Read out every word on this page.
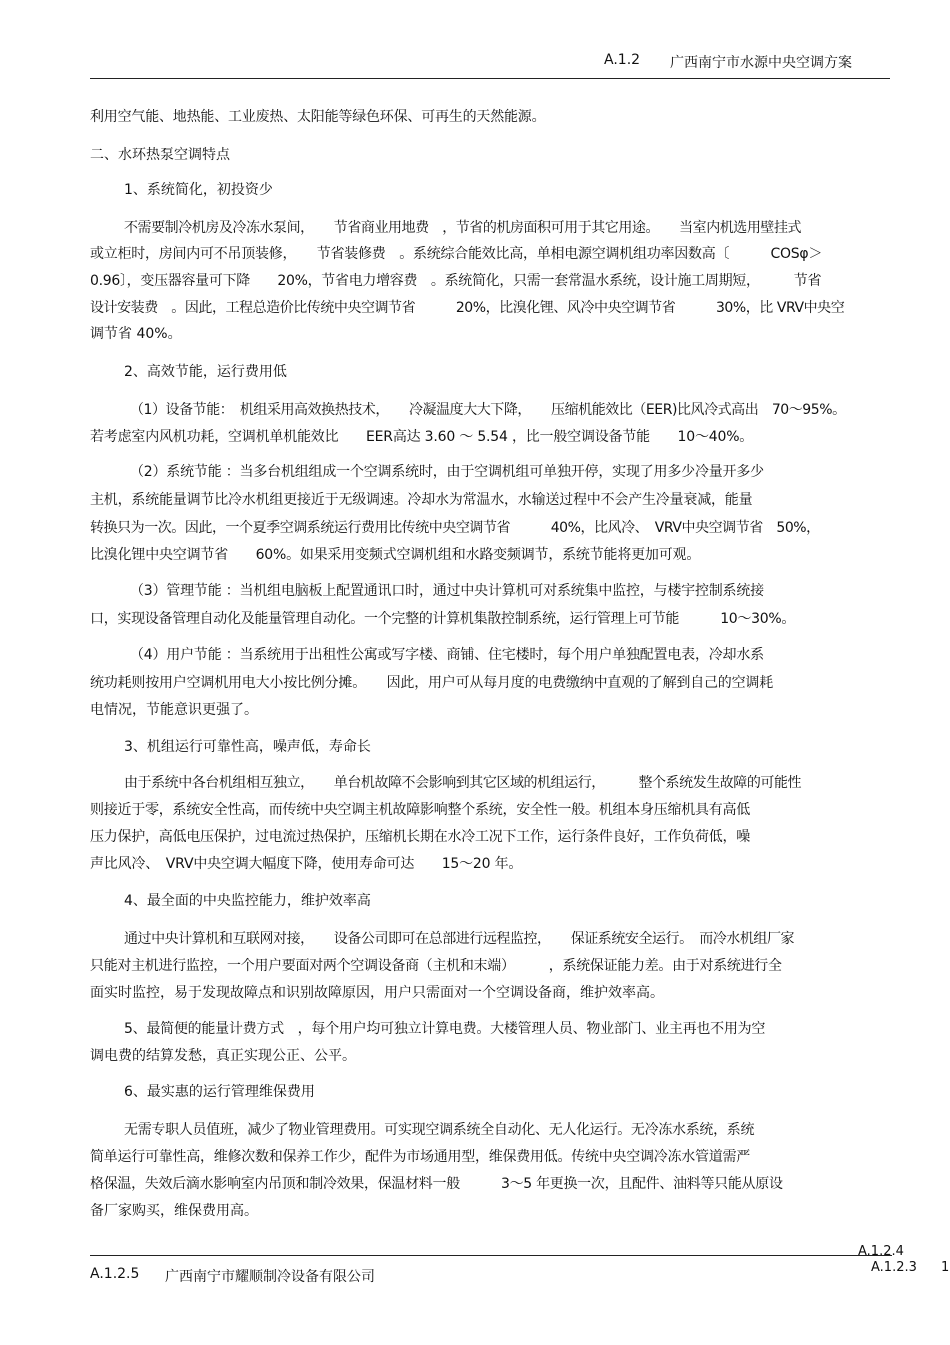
A.1.2 广西南宁市水源中央空调方案
利用空气能、地热能、工业废热、太阳能等绿色环保、可再生的天然能源。
二、水环热泵空调特点
1、系统简化，初投资少
不需要制冷机房及冷冻水泵间，　　节省商业用地费　，节省的机房面积可用于其它用途。　　当室内机选用壁挂式
或立柜时，房间内可不吊顶装修，　　节省装修费　。系统综合能效比高，单相电源空调机组功率因数高〔　　　COSφ＞
0.96〕，变压器容量可下降　　20%，节省电力增容费　。系统简化，只需一套常温水系统，设计施工周期短，　　　节省
设计安装费　。因此，工程总造价比传统中央空调节省　　　20%，比溴化锂、风冷中央空调节省　　　30%，比 VRV中央空
调节省 40%。
2、高效节能，运行费用低
（1）设备节能：　机组采用高效换热技术，　　冷凝温度大大下降，　　压缩机能效比（EER)比风冷式高出　70～95%。
若考虑室内风机功耗，空调机单机能效比　　EER高达 3.60 ～ 5.54 ，比一般空调设备节能　　10～40%。
（2）系统节能 ：当多台机组组成一个空调系统时，由于空调机组可单独开停，实现了用多少冷量开多少
主机，系统能量调节比冷水机组更接近于无级调速。冷却水为常温水，水输送过程中不会产生冷量衰减，能量
转换只为一次。因此，一个夏季空调系统运行费用比传统中央空调节省　　　40%，比风冷、　VRV中央空调节省　50%，
比溴化锂中央空调节省　　60%。如果采用变频式空调机组和水路变频调节，系统节能将更加可观。
（3）管理节能 ：当机组电脑板上配置通讯口时，通过中央计算机可对系统集中监控，与楼宇控制系统接
口，实现设备管理自动化及能量管理自动化。一个完整的计算机集散控制系统，运行管理上可节能　　　10～30%。
（4）用户节能 ：当系统用于出租性公寓或写字楼、商铺、住宅楼时，每个用户单独配置电表，冷却水系
统功耗则按用户空调机用电大小按比例分摊。　　因此，用户可从每月度的电费缴纳中直观的了解到自己的空调耗
电情况，节能意识更强了。
3、机组运行可靠性高，噪声低，寿命长
由于系统中各台机组相互独立，　　单台机故障不会影响到其它区域的机组运行，　　　整个系统发生故障的可能性
则接近于零，系统安全性高，而传统中央空调主机故障影响整个系统，安全性一般。机组本身压缩机具有高低
压力保护，高低电压保护，过电流过热保护，压缩机长期在水冷工况下工作，运行条件良好，工作负荷低，噪
声比风冷、　VRV中央空调大幅度下降，使用寿命可达　　15～20 年。
4、最全面的中央监控能力，维护效率高
通过中央计算机和互联网对接，　　设备公司即可在总部进行远程监控，　　保证系统安全运行。　而冷水机组厂家
只能对主机进行监控，一个用户要面对两个空调设备商（主机和末端）　　　，系统保证能力差。由于对系统进行全
面实时监控，易于发现故障点和识别故障原因，用户只需面对一个空调设备商，维护效率高。
5、最简便的能量计费方式　，每个用户均可独立计算电费。大楼管理人员、物业部门、业主再也不用为空
调电费的结算发愁，真正实现公正、公平。
6、最实惠的运行管理维保费用
无需专职人员值班，减少了物业管理费用。可实现空调系统全自动化、无人化运行。无冷冻水系统，系统
简单运行可靠性高，维修次数和保养工作少，配件为市场通用型，维保费用低。传统中央空调冷冻水管道需严
格保温，失效后滴水影响室内吊顶和制冷效果，保温材料一般　　　3～5 年更换一次，且配件、油料等只能从原设
备厂家购买，维保费用高。
A.1.2.4
A.1.2.3 1
A.1.2.5 广西南宁市耀顺制冷设备有限公司
